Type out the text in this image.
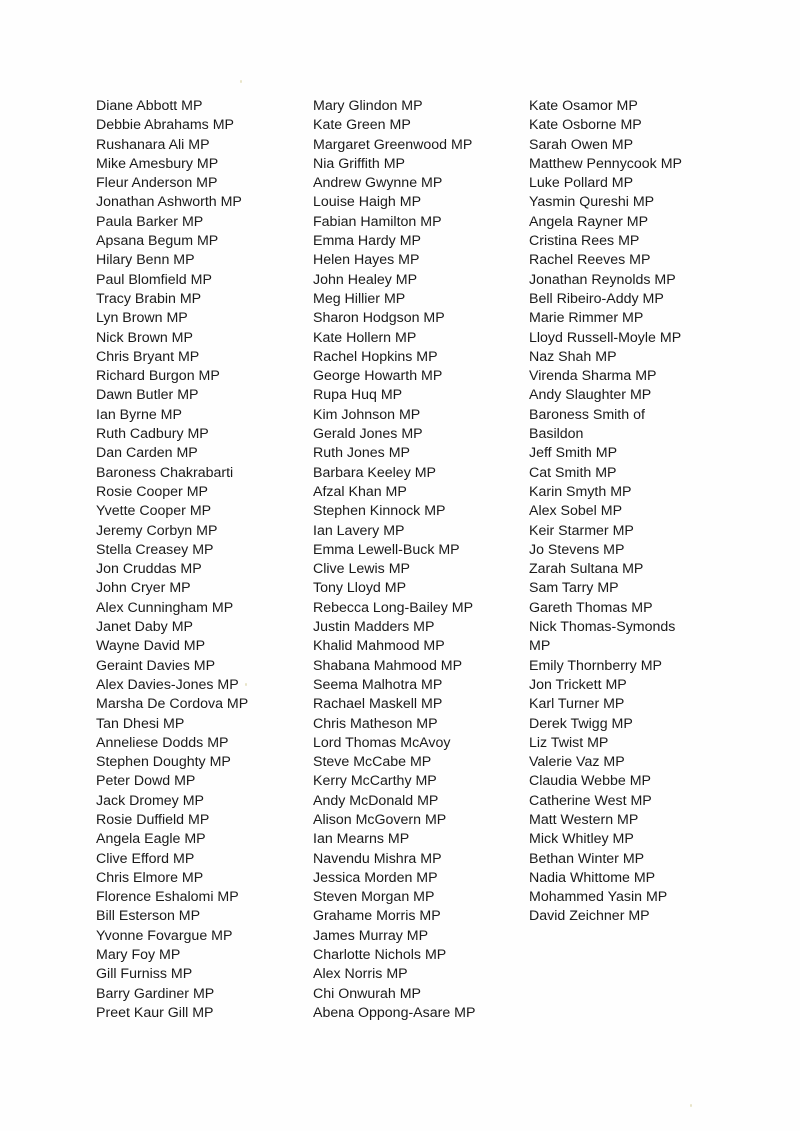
Diane Abbott MP
Debbie Abrahams MP
Rushanara Ali MP
Mike Amesbury MP
Fleur Anderson MP
Jonathan Ashworth MP
Paula Barker MP
Apsana Begum MP
Hilary Benn MP
Paul Blomfield MP
Tracy Brabin MP
Lyn Brown MP
Nick Brown MP
Chris Bryant MP
Richard Burgon MP
Dawn Butler MP
Ian Byrne MP
Ruth Cadbury MP
Dan Carden MP
Baroness Chakrabarti
Rosie Cooper MP
Yvette Cooper MP
Jeremy Corbyn MP
Stella Creasey MP
Jon Cruddas MP
John Cryer MP
Alex Cunningham MP
Janet Daby MP
Wayne David MP
Geraint Davies MP
Alex Davies-Jones MP
Marsha De Cordova MP
Tan Dhesi MP
Anneliese Dodds MP
Stephen Doughty MP
Peter Dowd MP
Jack Dromey MP
Rosie Duffield MP
Angela Eagle MP
Clive Efford MP
Chris Elmore MP
Florence Eshalomi MP
Bill Esterson MP
Yvonne Fovargue MP
Mary Foy MP
Gill Furniss MP
Barry Gardiner MP
Preet Kaur Gill MP
Mary Glindon MP
Kate Green MP
Margaret Greenwood MP
Nia Griffith MP
Andrew Gwynne MP
Louise Haigh MP
Fabian Hamilton MP
Emma Hardy MP
Helen Hayes MP
John Healey MP
Meg Hillier MP
Sharon Hodgson MP
Kate Hollern MP
Rachel Hopkins MP
George Howarth MP
Rupa Huq MP
Kim Johnson MP
Gerald Jones MP
Ruth Jones MP
Barbara Keeley MP
Afzal Khan MP
Stephen Kinnock MP
Ian Lavery MP
Emma Lewell-Buck MP
Clive Lewis MP
Tony Lloyd MP
Rebecca Long-Bailey MP
Justin Madders MP
Khalid Mahmood MP
Shabana Mahmood MP
Seema Malhotra MP
Rachael Maskell MP
Chris Matheson MP
Lord Thomas McAvoy
Steve McCabe MP
Kerry McCarthy MP
Andy McDonald MP
Alison McGovern MP
Ian Mearns MP
Navendu Mishra MP
Jessica Morden MP
Steven Morgan MP
Grahame Morris MP
James Murray MP
Charlotte Nichols MP
Alex Norris MP
Chi Onwurah MP
Abena Oppong-Asare MP
Kate Osamor MP
Kate Osborne MP
Sarah Owen MP
Matthew Pennycook MP
Luke Pollard MP
Yasmin Qureshi MP
Angela Rayner MP
Cristina Rees MP
Rachel Reeves MP
Jonathan Reynolds MP
Bell Ribeiro-Addy MP
Marie Rimmer MP
Lloyd Russell-Moyle MP
Naz Shah MP
Virenda Sharma MP
Andy Slaughter MP
Baroness Smith of Basildon
Jeff Smith MP
Cat Smith MP
Karin Smyth MP
Alex Sobel MP
Keir Starmer MP
Jo Stevens MP
Zarah Sultana MP
Sam Tarry MP
Gareth Thomas MP
Nick Thomas-Symonds MP
Emily Thornberry MP
Jon Trickett MP
Karl Turner MP
Derek Twigg MP
Liz Twist MP
Valerie Vaz MP
Claudia Webbe MP
Catherine West MP
Matt Western MP
Mick Whitley MP
Bethan Winter MP
Nadia Whittome MP
Mohammed Yasin MP
David Zeichner MP
